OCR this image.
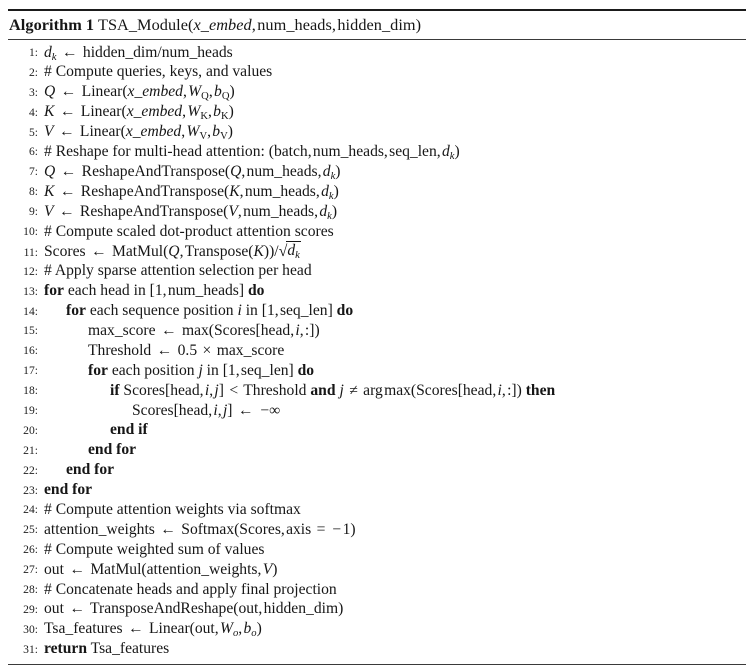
Algorithm 1 TSA_Module(x_embed, num_heads, hidden_dim)
1: $d_k$ ← hidden_dim/num_heads
2: # Compute queries, keys, and values
3: Q ← Linear(x_embed, $W_Q$, $b_Q$)
4: K ← Linear(x_embed, $W_K$, $b_K$)
5: V ← Linear(x_embed, $W_V$, $b_V$)
6: # Reshape for multi-head attention: (batch, num_heads, seq_len, $d_k$)
7: Q ← ReshapeAndTranspose(Q, num_heads, $d_k$)
8: K ← ReshapeAndTranspose(K, num_heads, $d_k$)
9: V ← ReshapeAndTranspose(V, num_heads, $d_k$)
10: # Compute scaled dot-product attention scores
11: Scores ← MatMul(Q, $Transpose(K))/√d_k$
12: # Apply sparse attention selection per head
13: for each head in [1, num_heads] do
14:	for each sequence position i in [1, seq_len] do
15:	max_score ← max(Scores[head, i, :])
16:	Threshold ← 0.5 × max_score
17:	for each position j in [1, seq_len] do
18:	if Scores[head, i, j] < Threshold and j ≠ arg max(Scores[head, i, :]) then
19:	Scores[head, i, j] ← −∞
20:	end if
21:	end for
22:	end for
23: end for
24: # Compute attention weights via softmax
25: attention_weights ← Softmax(Scores, axis = −1)
26: # Compute weighted sum of values
27: out ← MatMul(attention_weights, V)
28: # Concatenate heads and apply final projection
29: out ← TransposeAndReshape(out, hidden_dim)
30: Tsa_features ← Linear(out, $W_o$, $b_o$)
31: return Tsa_features
